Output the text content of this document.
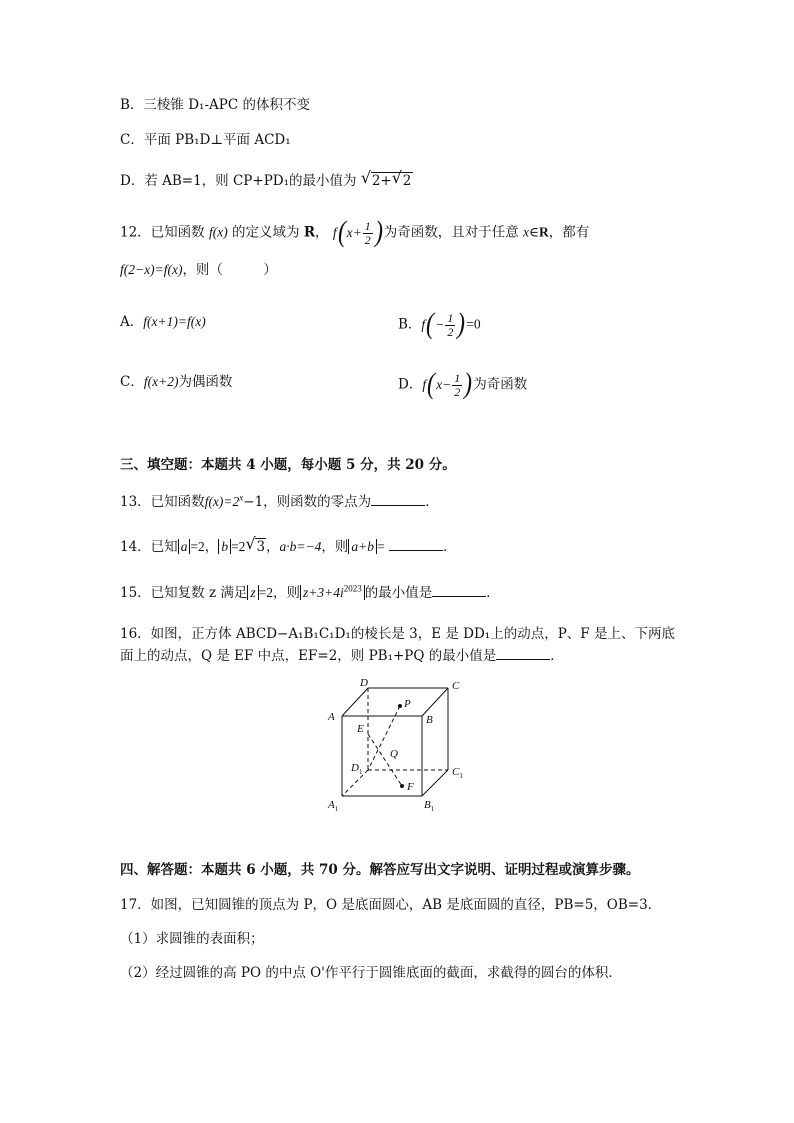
B．三棱锥 D₁-APC 的体积不变
C．平面 PB₁D⊥平面 ACD₁
D．若 AB=1，则 CP+PD₁的最小值为 √ 2+ √ 2
12．已知函数 f(x) 的定义域为 R， $f(x+ \frac{1}{2}$ )为奇函数，且对于任意 x∈R，都有
f(2−x)=f(x)，则（　　　）
A．f(x+1)=f(x)	B．$f(- \frac{1}{2} )=0$
C．f(x+2)为偶函数	D．$f(x- \frac{1}{2}$ )为奇函数
三、填空题：本题共 4 小题，每小题 5 分，共 20 分。
13．已知函数$f(x)=2^x-1$，则函数的零点为	．
14．已知 a =2， b =2 √ 3，a·b=−4，则 a+b =	．
15．已知复数 z 满足 z =2，则 $z+3+4i^{2023}$ 的最小值是	．
16．如图，正方体 ABCD−A₁B₁C₁D₁的棱长是 3，E 是 DD₁上的动点，P、F 是上、下两底
面上的动点，Q 是 EF 中点，EF=2，则 PB₁+PQ 的最小值是	．
D	C
A	B
P
E
Q
$D_1$	$C_1$
F
$A_1$	$B_1$
四、解答题：本题共 6 小题，共 70 分。解答应写出文字说明、证明过程或演算步骤。
17．如图，已知圆锥的顶点为 P，O 是底面圆心，AB 是底面圆的直径，PB=5，OB=3．
（1）求圆锥的表面积；
（2）经过圆锥的高 PO 的中点 O'作平行于圆锥底面的截面，求截得的圆台的体积．
